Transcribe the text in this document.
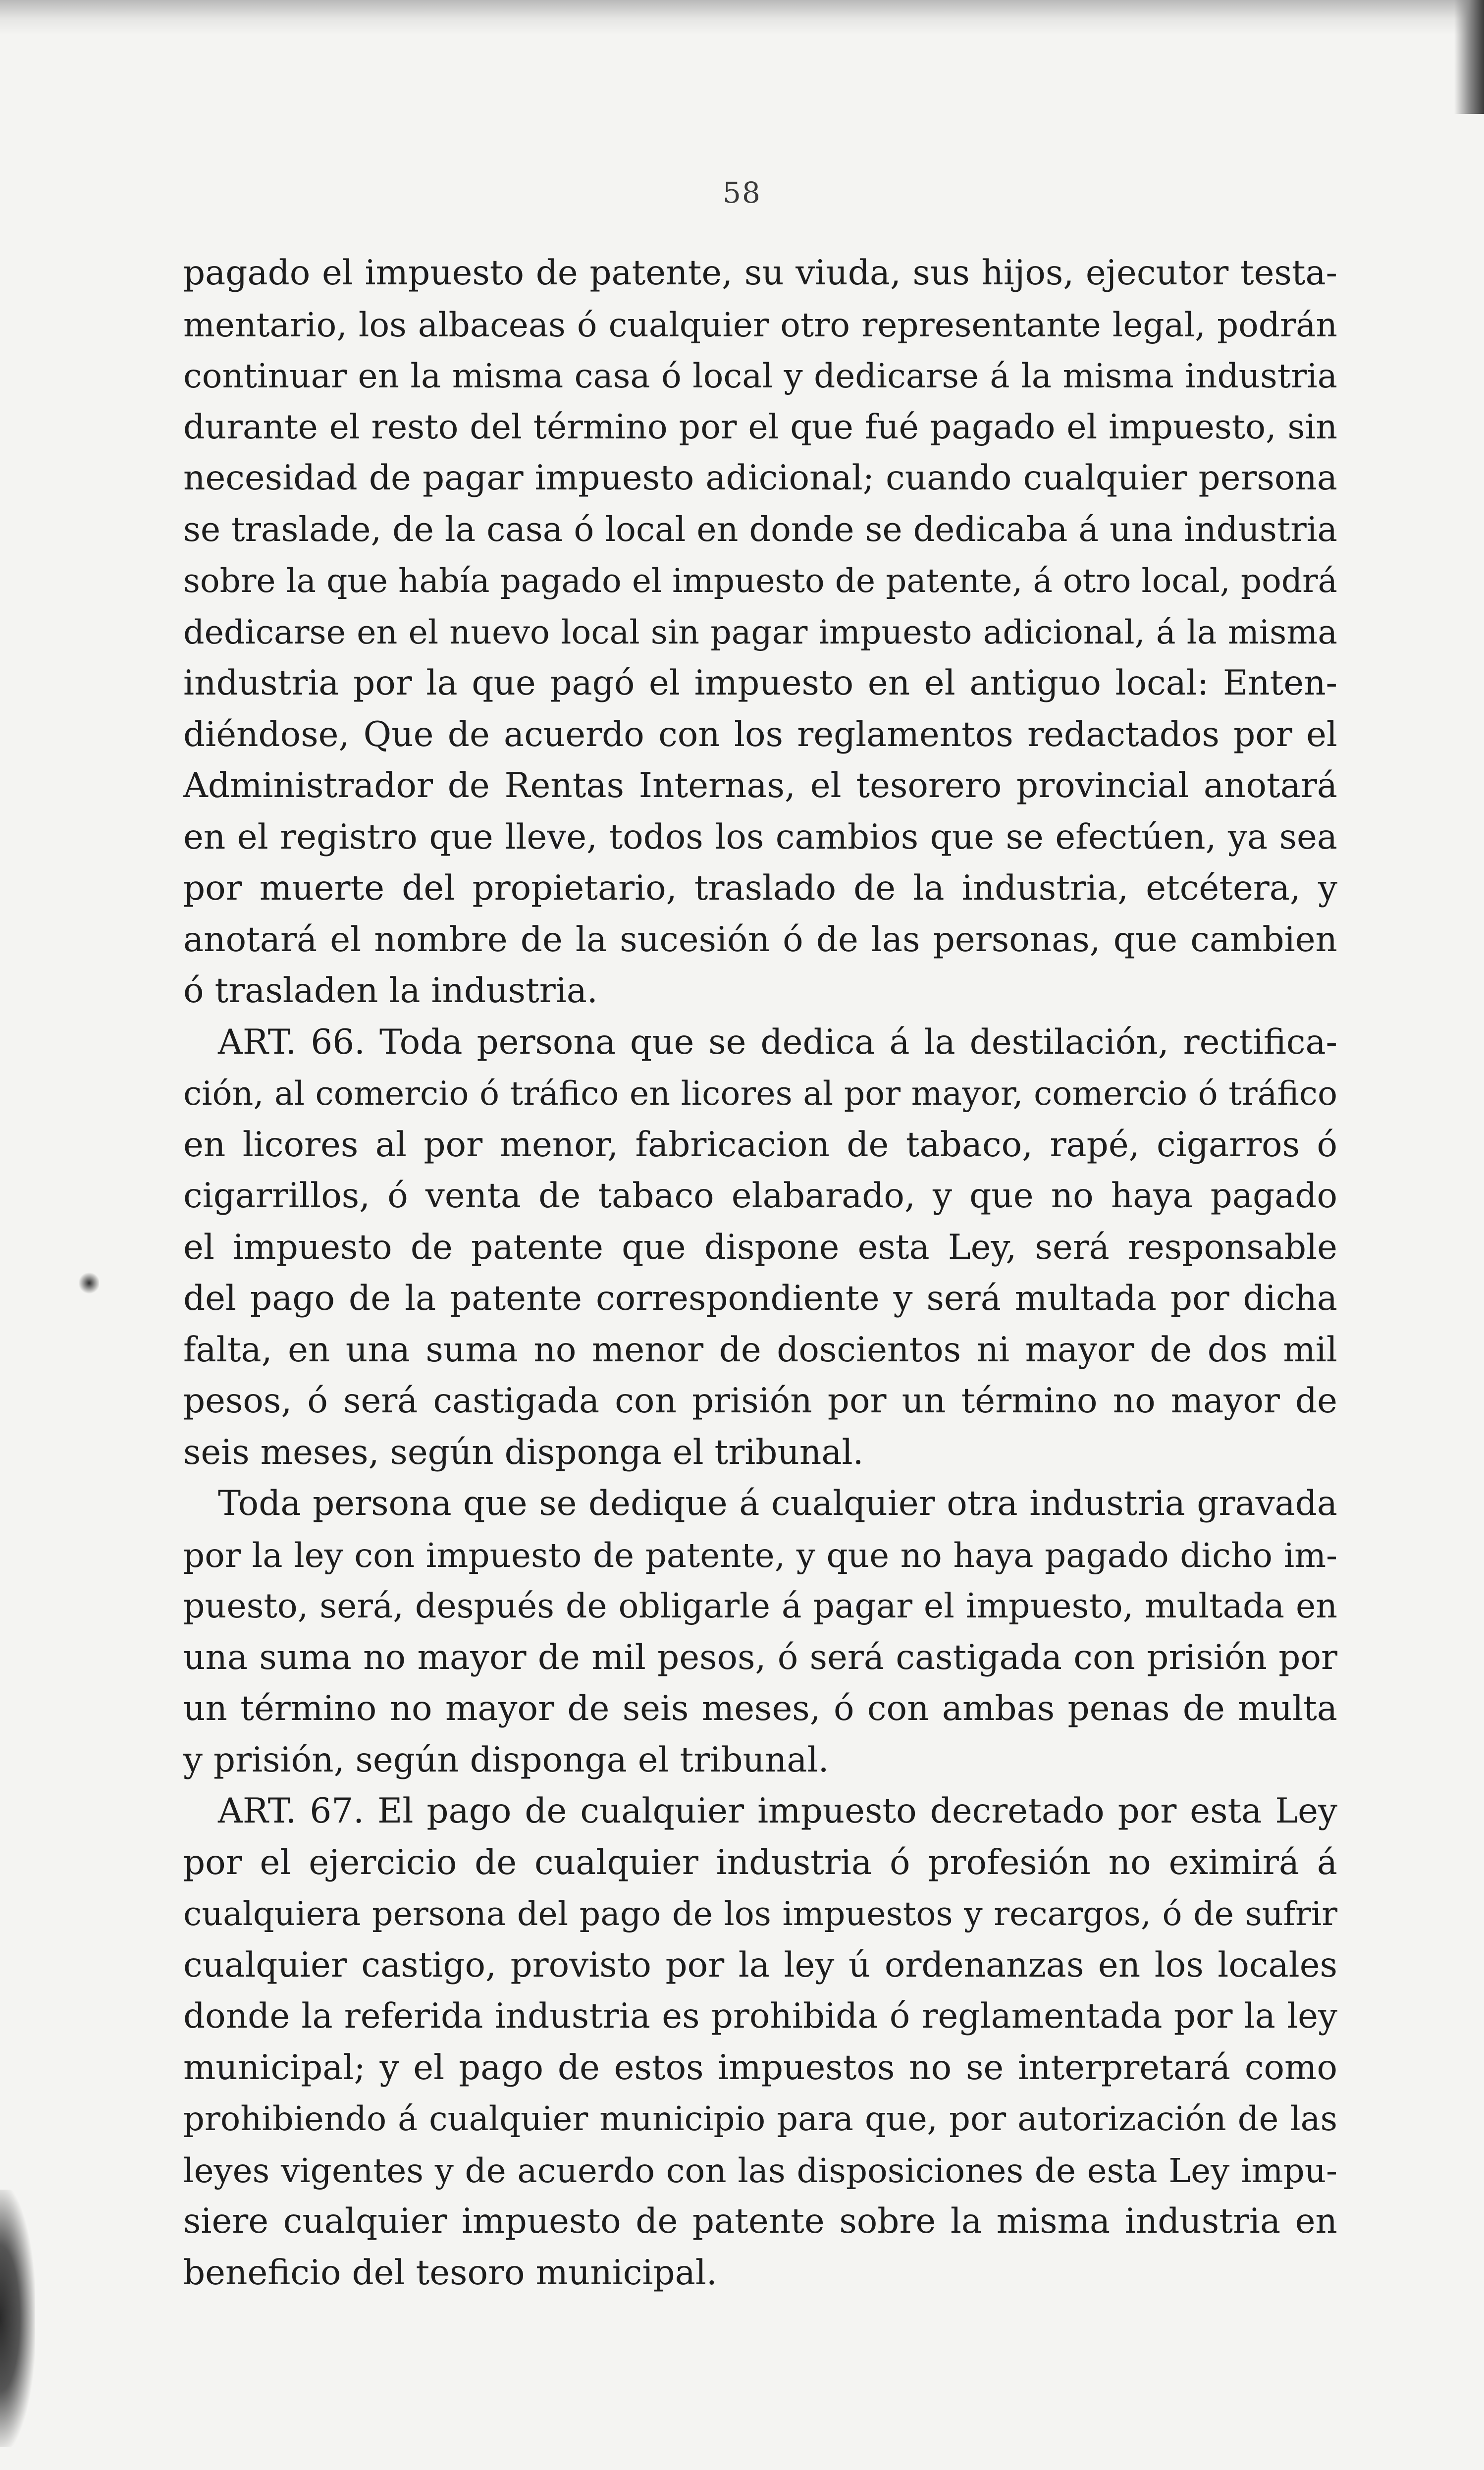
58
pagado el impuesto de patente, su viuda, sus hijos, ejecutor testa-
mentario, los albaceas ó cualquier otro representante legal, podrán
continuar en la misma casa ó local y dedicarse á la misma industria
durante el resto del término por el que fué pagado el impuesto, sin
necesidad de pagar impuesto adicional; cuando cualquier persona
se traslade, de la casa ó local en donde se dedicaba á una industria
sobre la que había pagado el impuesto de patente, á otro local, podrá
dedicarse en el nuevo local sin pagar impuesto adicional, á la misma
industria por la que pagó el impuesto en el antiguo local: Enten-
diéndose, Que de acuerdo con los reglamentos redactados por el
Administrador de Rentas Internas, el tesorero provincial anotará
en el registro que lleve, todos los cambios que se efectúen, ya sea
por muerte del propietario, traslado de la industria, etcétera, y
anotará el nombre de la sucesión ó de las personas, que cambien
ó trasladen la industria.
ART. 66. Toda persona que se dedica á la destilación, rectifica-
ción, al comercio ó tráfico en licores al por mayor, comercio ó tráfico
en licores al por menor, fabricacion de tabaco, rapé, cigarros ó
cigarrillos, ó venta de tabaco elabarado, y que no haya pagado
el impuesto de patente que dispone esta Ley, será responsable
del pago de la patente correspondiente y será multada por dicha
falta, en una suma no menor de doscientos ni mayor de dos mil
pesos, ó será castigada con prisión por un término no mayor de
seis meses, según disponga el tribunal.
Toda persona que se dedique á cualquier otra industria gravada
por la ley con impuesto de patente, y que no haya pagado dicho im-
puesto, será, después de obligarle á pagar el impuesto, multada en
una suma no mayor de mil pesos, ó será castigada con prisión por
un término no mayor de seis meses, ó con ambas penas de multa
y prisión, según disponga el tribunal.
ART. 67. El pago de cualquier impuesto decretado por esta Ley
por el ejercicio de cualquier industria ó profesión no eximirá á
cualquiera persona del pago de los impuestos y recargos, ó de sufrir
cualquier castigo, provisto por la ley ú ordenanzas en los locales
donde la referida industria es prohibida ó reglamentada por la ley
municipal; y el pago de estos impuestos no se interpretará como
prohibiendo á cualquier municipio para que, por autorización de las
leyes vigentes y de acuerdo con las disposiciones de esta Ley impu-
siere cualquier impuesto de patente sobre la misma industria en
beneficio del tesoro municipal.
